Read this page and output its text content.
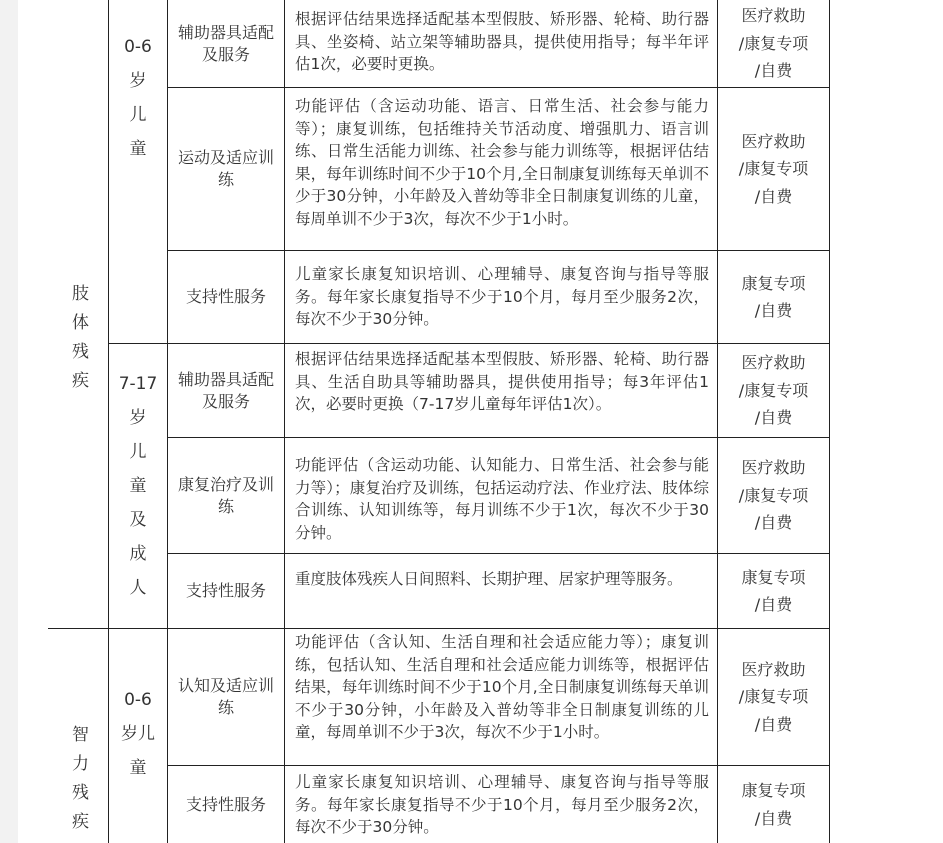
肢体残疾
0-6
岁
儿
童
辅助器具适配及服务
根据评估结果选择适配基本型假肢、矫形器、轮椅、助行器具、坐姿椅、站立架等辅助器具，提供使用指导；每半年评估1次，必要时更换。
医疗救助
/康复专项
/自费
运动及适应训练
功能评估（含运动功能、语言、日常生活、社会参与能力等）；康复训练，包括维持关节活动度、增强肌力、语言训练、日常生活能力训练、社会参与能力训练等，根据评估结果，每年训练时间不少于10个月,全日制康复训练每天单训不少于30分钟，小年龄及入普幼等非全日制康复训练的儿童，每周单训不少于3次，每次不少于1小时。
医疗救助
/康复专项
/自费
支持性服务
儿童家长康复知识培训、心理辅导、康复咨询与指导等服务。每年家长康复指导不少于10个月，每月至少服务2次，每次不少于30分钟。
康复专项
/自费
7-17
岁
儿
童
及
成
人
辅助器具适配及服务
根据评估结果选择适配基本型假肢、矫形器、轮椅、助行器具、生活自助具等辅助器具，提供使用指导；每3年评估1次，必要时更换（7-17岁儿童每年评估1次）。
医疗救助
/康复专项
/自费
康复治疗及训练
功能评估（含运动功能、认知能力、日常生活、社会参与能力等）；康复治疗及训练，包括运动疗法、作业疗法、肢体综合训练、认知训练等，每月训练不少于1次，每次不少于30分钟。
医疗救助
/康复专项
/自费
支持性服务
重度肢体残疾人日间照料、长期护理、居家护理等服务。	康复专项
/自费
智力残疾
0-6
岁儿
童
认知及适应训练
功能评估（含认知、生活自理和社会适应能力等）；康复训练，包括认知、生活自理和社会适应能力训练等，根据评估结果，每年训练时间不少于10个月,全日制康复训练每天单训不少于30分钟，小年龄及入普幼等非全日制康复训练的儿童，每周单训不少于3次，每次不少于1小时。
医疗救助
/康复专项
/自费
支持性服务
儿童家长康复知识培训、心理辅导、康复咨询与指导等服务。每年家长康复指导不少于10个月，每月至少服务2次，每次不少于30分钟。
康复专项
/自费
